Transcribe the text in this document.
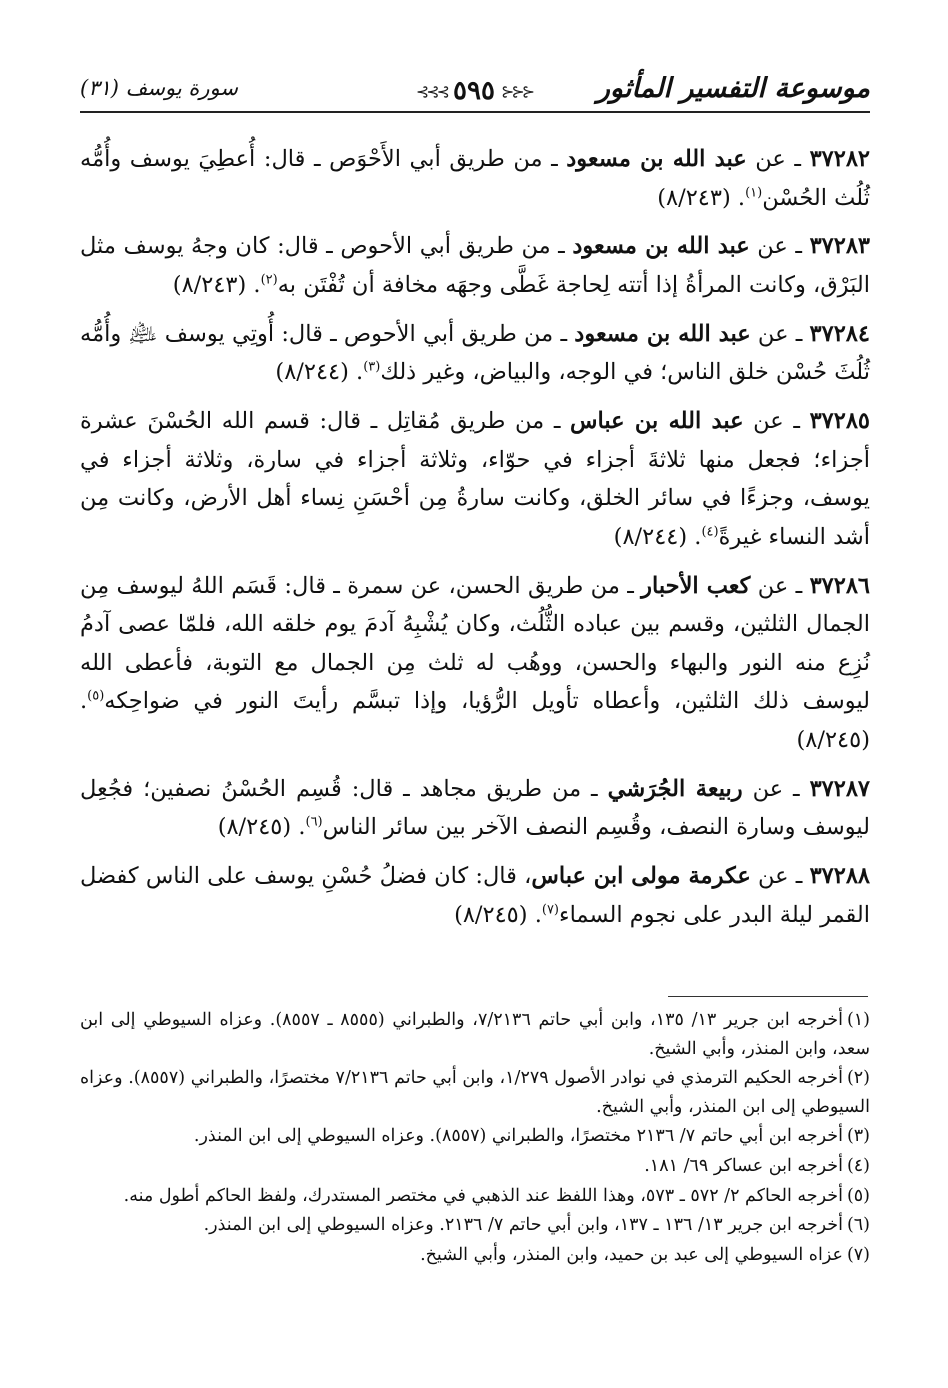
موسوعة التفسير المأثور
سورة يوسف (٣١)	⊰⊰⊰ ٥٩٥ ⊱⊱⊱

٣٧٢٨٢ ـ عن عبد الله بن مسعود ـ من طريق أبي الأَحْوَص ـ قال: أُعطِيَ يوسف وأُمُّه ثُلُث الحُسْن$^{(١)}$. (٨/٢٤٣)

٣٧٢٨٣ ـ عن عبد الله بن مسعود ـ من طريق أبي الأحوص ـ قال: كان وجهُ يوسف مثل البَرْق، وكانت المرأةُ إذا أتته لِحاجة غَطَّى وجهَه مخافة أن تُفْتَن به$^{(٢)}$. (٨/٢٤٣)

٣٧٢٨٤ ـ عن عبد الله بن مسعود ـ من طريق أبي الأحوص ـ قال: أُوتِي يوسف ﵇ وأُمُّه ثُلُثَ حُسْن خلق الناس؛ في الوجه، والبياض، وغير ذلك$^{(٣)}$. (٨/٢٤٤)

٣٧٢٨٥ ـ عن عبد الله بن عباس ـ من طريق مُقاتِل ـ قال: قسم الله الحُسْنَ عشرة أجزاء؛ فجعل منها ثلاثةَ أجزاء في حوّاء، وثلاثة أجزاء في سارة، وثلاثة أجزاء في يوسف، وجزءًا في سائر الخلق، وكانت سارةُ مِن أحْسَنِ نِساء أهل الأرض، وكانت مِن أشد النساء غيرةً$^{(٤)}$. (٨/٢٤٤)

٣٧٢٨٦ ـ عن كعب الأحبار ـ من طريق الحسن، عن سمرة ـ قال: قَسَم اللهُ ليوسف مِن الجمال الثلثين، وقسم بين عباده الثُّلُث، وكان يُشْبِهُ آدمَ يوم خلقه الله، فلمّا عصى آدمُ نُزِع منه النور والبهاء والحسن، ووهُب له ثلث مِن الجمال مع التوبة، فأعطى الله ليوسف ذلك الثلثين، وأعطاه تأويل الرُّؤيا، وإذا تبسَّم رأيتَ النور في ضواحِكه$^{(٥)}$. (٨/٢٤٥)

٣٧٢٨٧ ـ عن ربيعة الجُرَشي ـ من طريق مجاهد ـ قال: قُسِم الحُسْنُ نصفين؛ فجُعِل ليوسف وسارة النصف، وقُسِم النصف الآخر بين سائر الناس$^{(٦)}$. (٨/٢٤٥)

٣٧٢٨٨ ـ عن عكرمة مولى ابن عباس، قال: كان فضلُ حُسْنِ يوسف على الناس كفضل القمر ليلة البدر على نجوم السماء$^{(٧)}$. (٨/٢٤٥)

(١)أخرجه ابن جرير ١٣/ ١٣٥، وابن أبي حاتم ٧/٢١٣٦، والطبراني (٨٥٥٥ ـ ٨٥٥٧). وعزاه السيوطي إلى ابن سعد، وابن المنذر، وأبي الشيخ.

(٢)أخرجه الحكيم الترمذي في نوادر الأصول ١/٢٧٩، وابن أبي حاتم ٧/٢١٣٦ مختصرًا، والطبراني (٨٥٥٧). وعزاه السيوطي إلى ابن المنذر، وأبي الشيخ.

(٣)أخرجه ابن أبي حاتم ٧/ ٢١٣٦ مختصرًا، والطبراني (٨٥٥٧). وعزاه السيوطي إلى ابن المنذر.

(٤)أخرجه ابن عساكر ٦٩/ ١٨١.

(٥)أخرجه الحاكم ٢/ ٥٧٢ ـ ٥٧٣، وهذا اللفظ عند الذهبي في مختصر المستدرك، ولفظ الحاكم أطول منه.

(٦)أخرجه ابن جرير ١٣/ ١٣٦ ـ ١٣٧، وابن أبي حاتم ٧/ ٢١٣٦. وعزاه السيوطي إلى ابن المنذر.

(٧)عزاه السيوطي إلى عبد بن حميد، وابن المنذر، وأبي الشيخ.
